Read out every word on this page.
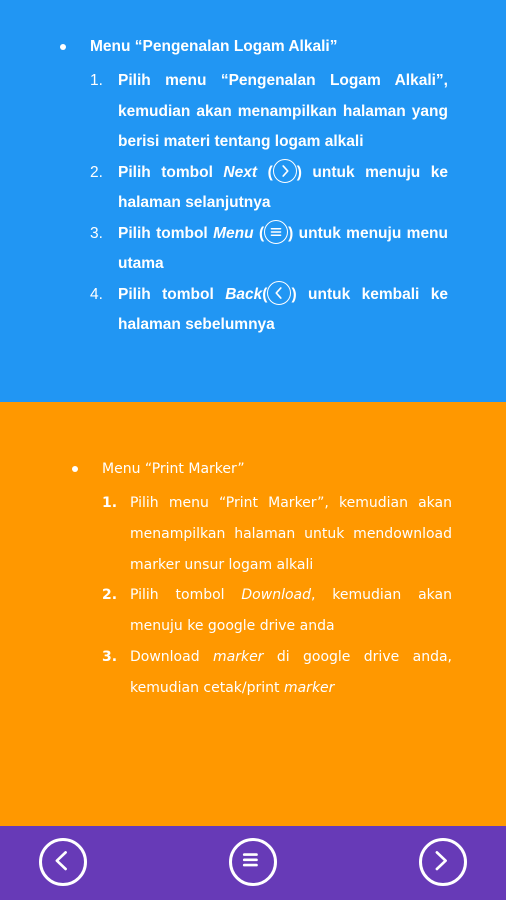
Menu “Pengenalan Logam Alkali”
1. Pilih menu “Pengenalan Logam Alkali”, kemudian akan menampilkan halaman yang berisi materi tentang logam alkali
2. Pilih tombol Next ( ) untuk menuju ke halaman selanjutnya
3. Pilih tombol Menu ( ) untuk menuju menu utama
4. Pilih tombol Back( ) untuk kembali ke halaman sebelumnya
Menu “Print Marker”
1. Pilih menu “Print Marker”, kemudian akan menampilkan halaman untuk mendownload marker unsur logam alkali
2. Pilih tombol Download, kemudian akan menuju ke google drive anda
3. Download marker di google drive anda, kemudian cetak/print marker
